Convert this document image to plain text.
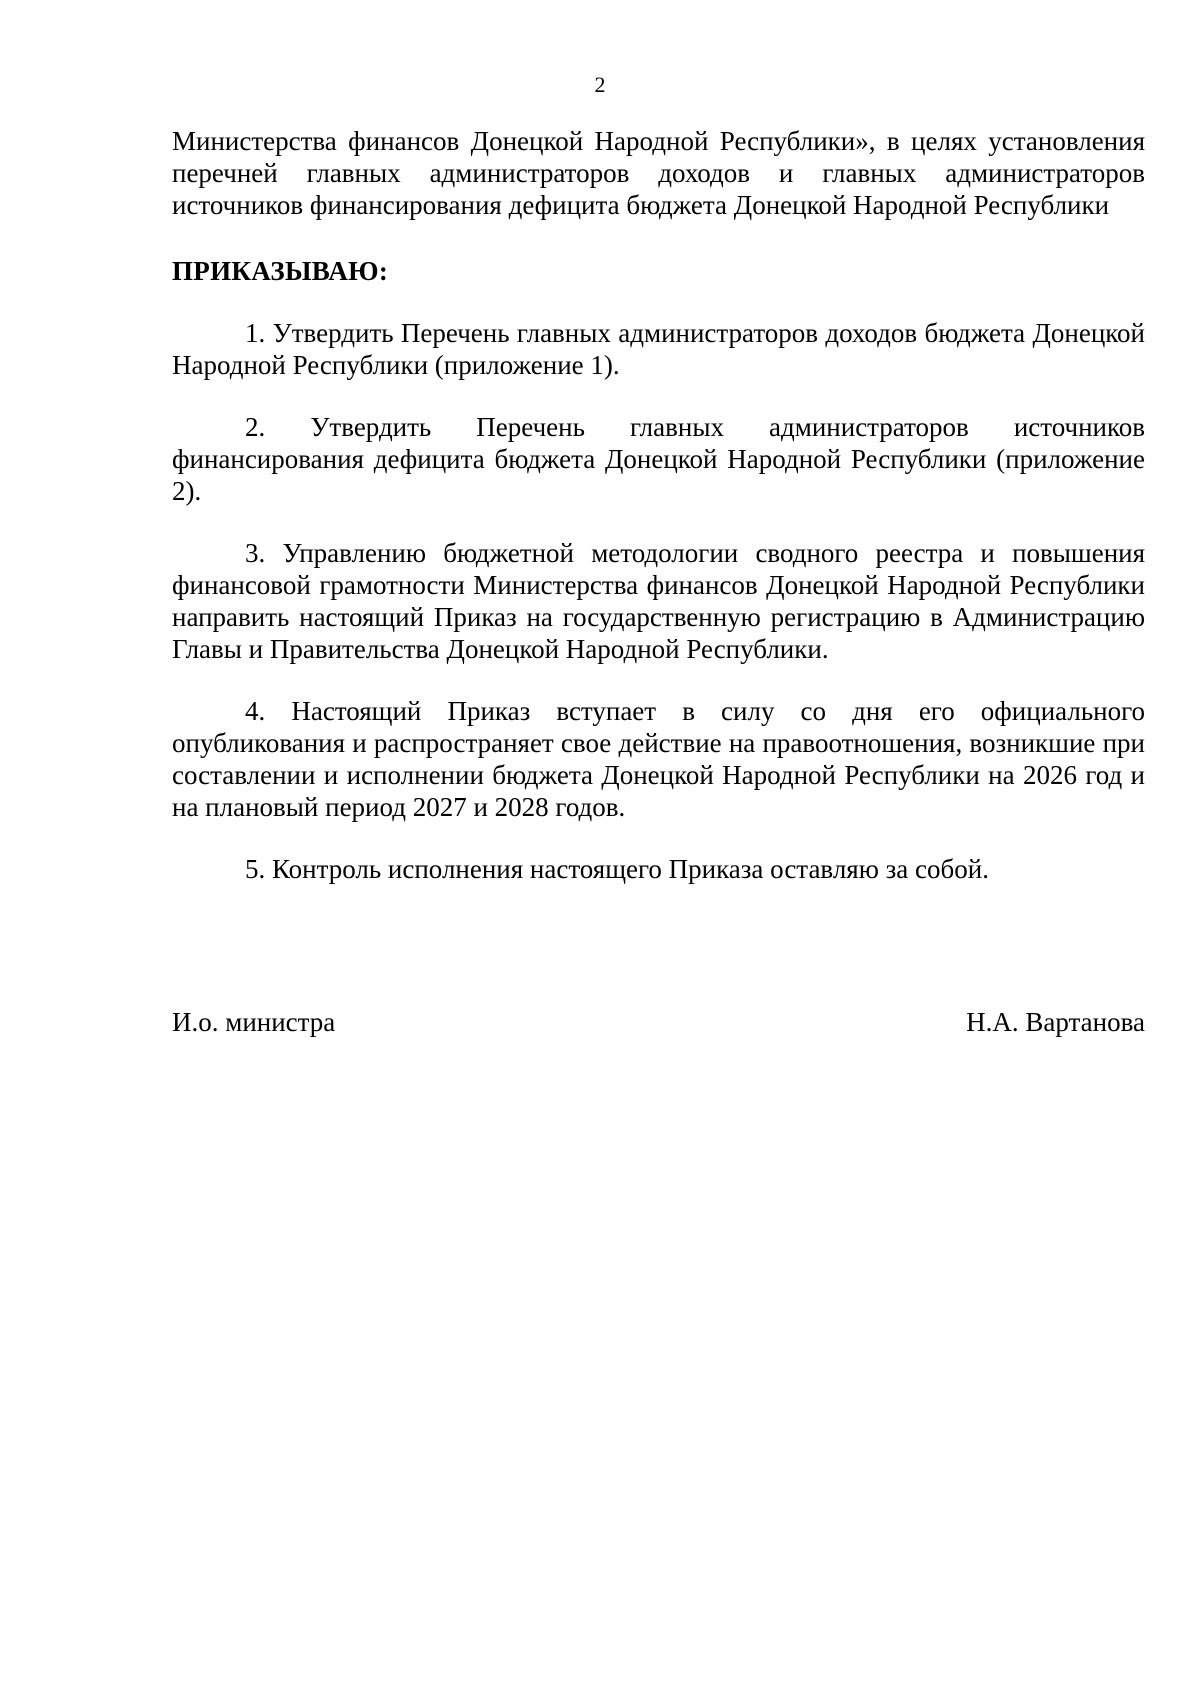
2

Министерства финансов Донецкой Народной Республики», в целях установления перечней главных администраторов доходов и главных администраторов источников финансирования дефицита бюджета Донецкой Народной Республики

ПРИКАЗЫВАЮ:

1. Утвердить Перечень главных администраторов доходов бюджета Донецкой Народной Республики (приложение 1).

2. Утвердить Перечень главных администраторов источников финансирования дефицита бюджета Донецкой Народной Республики (приложение 2).

3. Управлению бюджетной методологии сводного реестра и повышения финансовой грамотности Министерства финансов Донецкой Народной Республики направить настоящий Приказ на государственную регистрацию в Администрацию Главы и Правительства Донецкой Народной Республики.

4. Настоящий Приказ вступает в силу со дня его официального опубликования и распространяет свое действие на правоотношения, возникшие при составлении и исполнении бюджета Донецкой Народной Республики на 2026 год и на плановый период 2027 и 2028 годов.

5. Контроль исполнения настоящего Приказа оставляю за собой.

И.о. министра	Н.А. Вартанова
